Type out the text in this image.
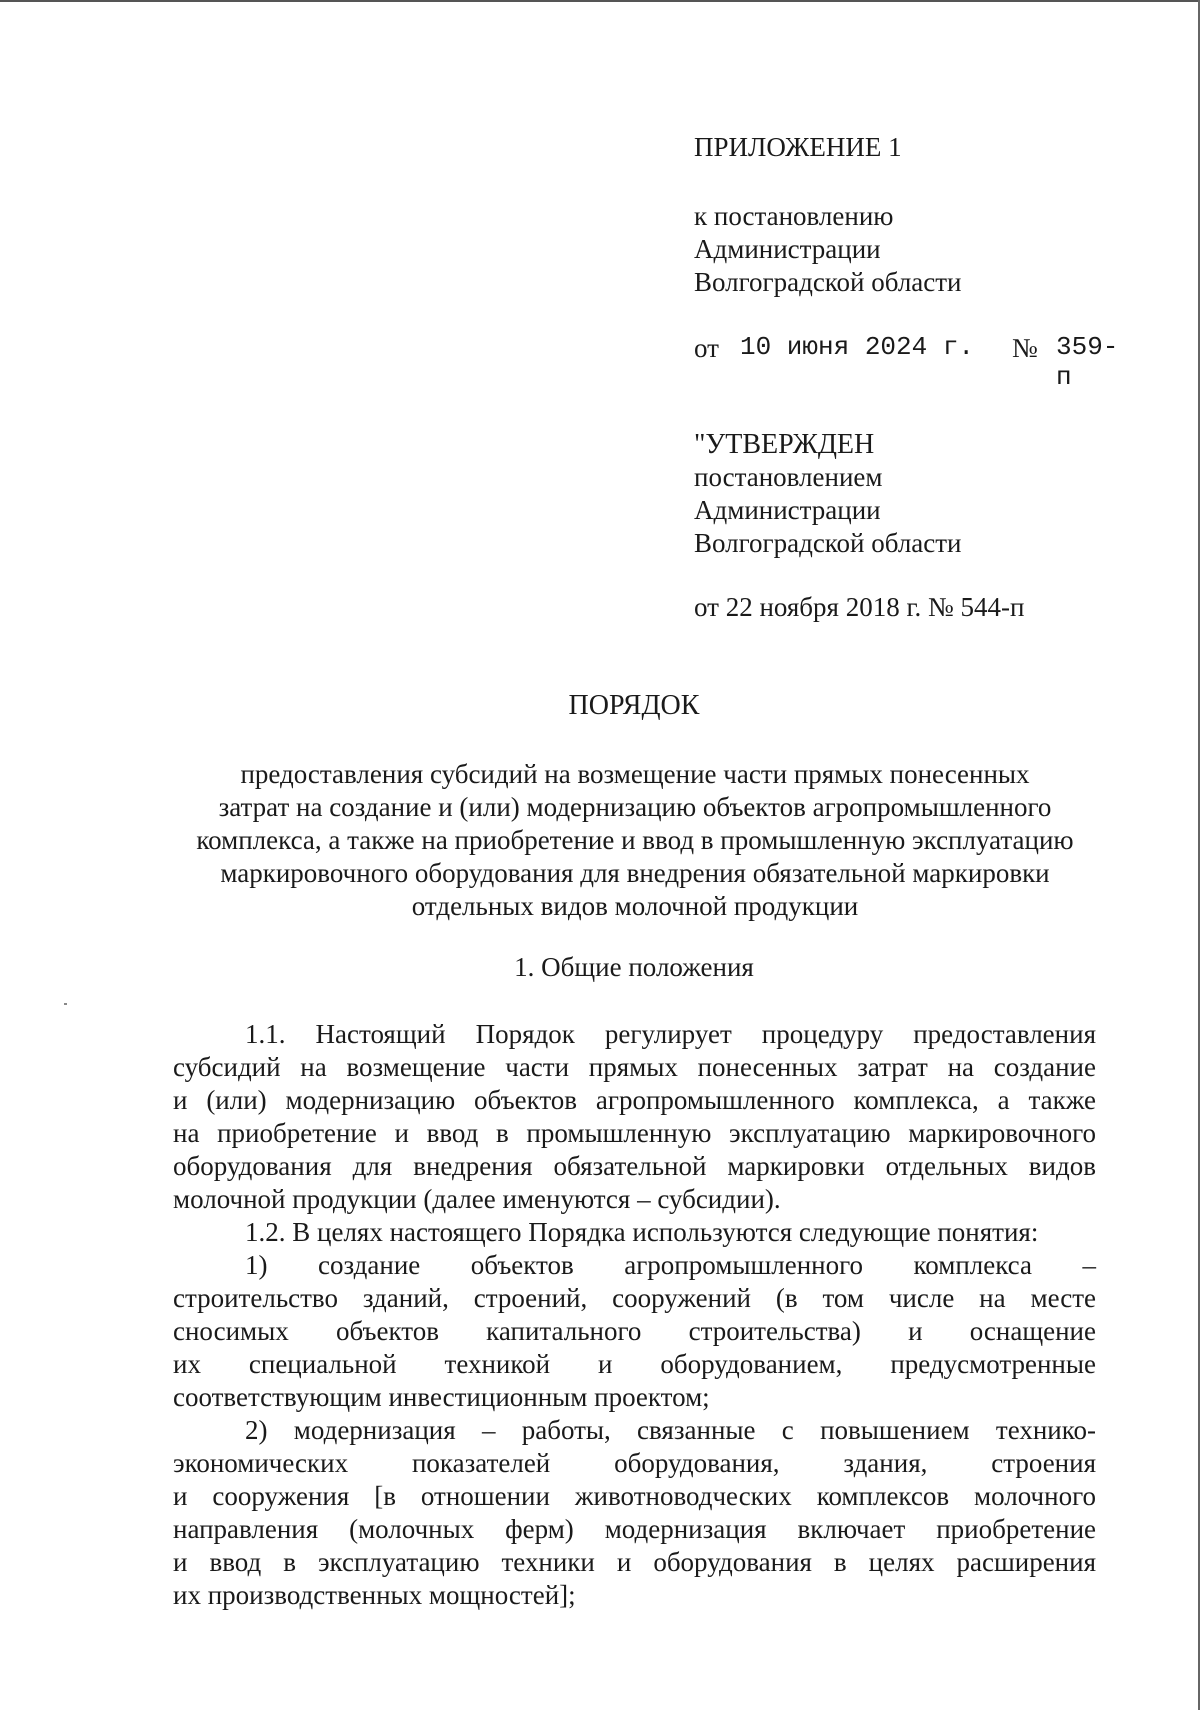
ПРИЛОЖЕНИЕ 1
к постановлению
Администрации
Волгоградской области
от 10 июня 2024 г. № 359-п
"УТВЕРЖДЕН
постановлением
Администрации
Волгоградской области
от 22 ноября 2018 г. № 544-п
ПОРЯДОК
предоставления субсидий на возмещение части прямых понесенных
затрат на создание и (или) модернизацию объектов агропромышленного
комплекса, а также на приобретение и ввод в промышленную эксплуатацию
маркировочного оборудования для внедрения обязательной маркировки
отдельных видов молочной продукции
1. Общие положения
1.1. Настоящий Порядок регулирует процедуру предоставления
субсидий на возмещение части прямых понесенных затрат на создание
и (или) модернизацию объектов агропромышленного комплекса, а также
на приобретение и ввод в промышленную эксплуатацию маркировочного
оборудования для внедрения обязательной маркировки отдельных видов
молочной продукции (далее именуются – субсидии).
1.2. В целях настоящего Порядка используются следующие понятия:
1) создание объектов агропромышленного комплекса –
строительство зданий, строений, сооружений (в том числе на месте
сносимых объектов капитального строительства) и оснащение
их специальной техникой и оборудованием, предусмотренные
соответствующим инвестиционным проектом;
2) модернизация – работы, связанные с повышением технико-
экономических показателей оборудования, здания, строения
и сооружения [в отношении животноводческих комплексов молочного
направления (молочных ферм) модернизация включает приобретение
и ввод в эксплуатацию техники и оборудования в целях расширения
их производственных мощностей];
